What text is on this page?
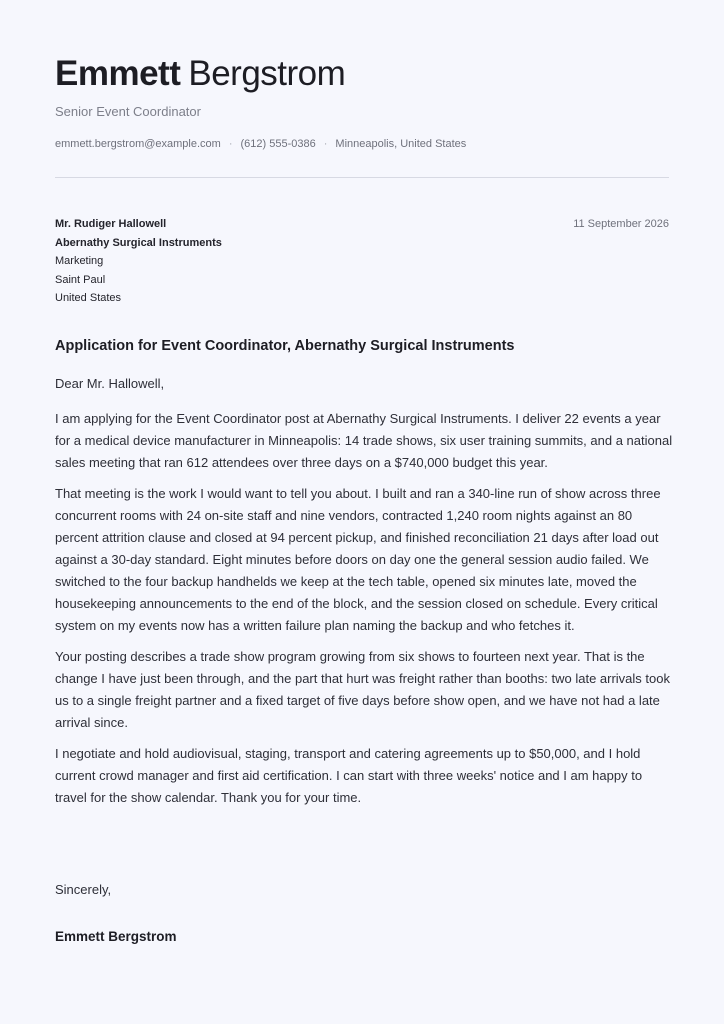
Emmett Bergstrom
Senior Event Coordinator
emmett.bergstrom@example.com · (612) 555-0386 · Minneapolis, United States
Mr. Rudiger Hallowell
Abernathy Surgical Instruments
Marketing
Saint Paul
United States
11 September 2026
Application for Event Coordinator, Abernathy Surgical Instruments
Dear Mr. Hallowell,

I am applying for the Event Coordinator post at Abernathy Surgical Instruments. I deliver 22 events a year for a medical device manufacturer in Minneapolis: 14 trade shows, six user training summits, and a national sales meeting that ran 612 attendees over three days on a $740,000 budget this year.

That meeting is the work I would want to tell you about. I built and ran a 340-line run of show across three concurrent rooms with 24 on-site staff and nine vendors, contracted 1,240 room nights against an 80 percent attrition clause and closed at 94 percent pickup, and finished reconciliation 21 days after load out against a 30-day standard. Eight minutes before doors on day one the general session audio failed. We switched to the four backup handhelds we keep at the tech table, opened six minutes late, moved the housekeeping announcements to the end of the block, and the session closed on schedule. Every critical system on my events now has a written failure plan naming the backup and who fetches it.

Your posting describes a trade show program growing from six shows to fourteen next year. That is the change I have just been through, and the part that hurt was freight rather than booths: two late arrivals took us to a single freight partner and a fixed target of five days before show open, and we have not had a late arrival since.

I negotiate and hold audiovisual, staging, transport and catering agreements up to $50,000, and I hold current crowd manager and first aid certification. I can start with three weeks' notice and I am happy to travel for the show calendar. Thank you for your time.

Sincerely,
Emmett Bergstrom
